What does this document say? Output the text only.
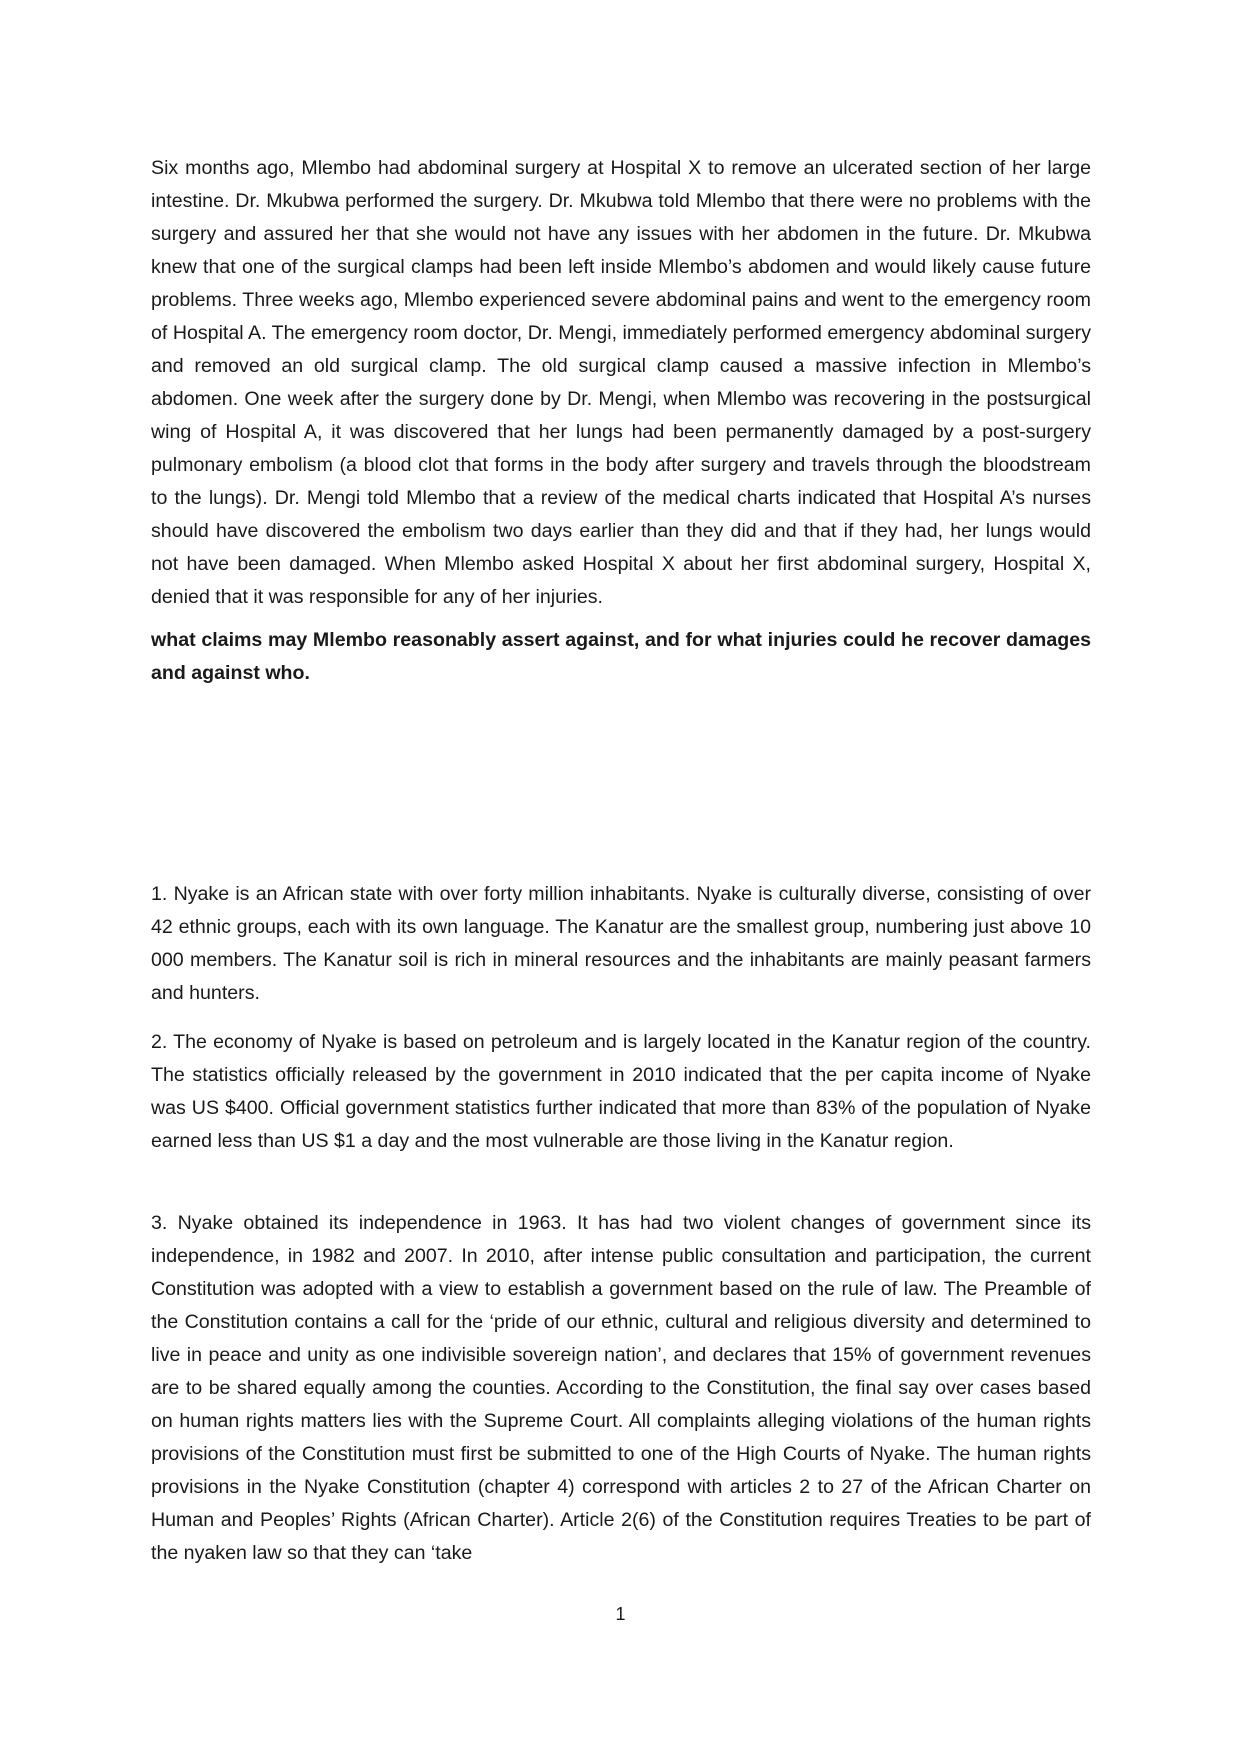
Six months ago, Mlembo had abdominal surgery at Hospital X to remove an ulcerated section of her large intestine. Dr. Mkubwa performed the surgery. Dr. Mkubwa told Mlembo that there were no problems with the surgery and assured her that she would not have any issues with her abdomen in the future. Dr. Mkubwa knew that one of the surgical clamps had been left inside Mlembo’s abdomen and would likely cause future problems. Three weeks ago, Mlembo experienced severe abdominal pains and went to the emergency room of Hospital A. The emergency room doctor, Dr. Mengi, immediately performed emergency abdominal surgery and removed an old surgical clamp. The old surgical clamp caused a massive infection in Mlembo’s abdomen. One week after the surgery done by Dr. Mengi, when Mlembo was recovering in the postsurgical wing of Hospital A, it was discovered that her lungs had been permanently damaged by a post-surgery pulmonary embolism (a blood clot that forms in the body after surgery and travels through the bloodstream to the lungs). Dr. Mengi told Mlembo that a review of the medical charts indicated that Hospital A’s nurses should have discovered the embolism two days earlier than they did and that if they had, her lungs would not have been damaged. When Mlembo asked Hospital X about her first abdominal surgery, Hospital X, denied that it was responsible for any of her injuries.

what claims may Mlembo reasonably assert against, and for what injuries could he recover damages and against who.

1. Nyake is an African state with over forty million inhabitants. Nyake is culturally diverse, consisting of over 42 ethnic groups, each with its own language. The Kanatur are the smallest group, numbering just above 10 000 members. The Kanatur soil is rich in mineral resources and the inhabitants are mainly peasant farmers and hunters.

2. The economy of Nyake is based on petroleum and is largely located in the Kanatur region of the country. The statistics officially released by the government in 2010 indicated that the per capita income of Nyake was US $400. Official government statistics further indicated that more than 83% of the population of Nyake earned less than US $1 a day and the most vulnerable are those living in the Kanatur region.

3. Nyake obtained its independence in 1963. It has had two violent changes of government since its independence, in 1982 and 2007. In 2010, after intense public consultation and participation, the current Constitution was adopted with a view to establish a government based on the rule of law. The Preamble of the Constitution contains a call for the ‘pride of our ethnic, cultural and religious diversity and determined to live in peace and unity as one indivisible sovereign nation’, and declares that 15% of government revenues are to be shared equally among the counties. According to the Constitution, the final say over cases based on human rights matters lies with the Supreme Court. All complaints alleging violations of the human rights provisions of the Constitution must first be submitted to one of the High Courts of Nyake. The human rights provisions in the Nyake Constitution (chapter 4) correspond with articles 2 to 27 of the African Charter on Human and Peoples’ Rights (African Charter). Article 2(6) of the Constitution requires Treaties to be part of the nyaken law so that they can ‘take

1
